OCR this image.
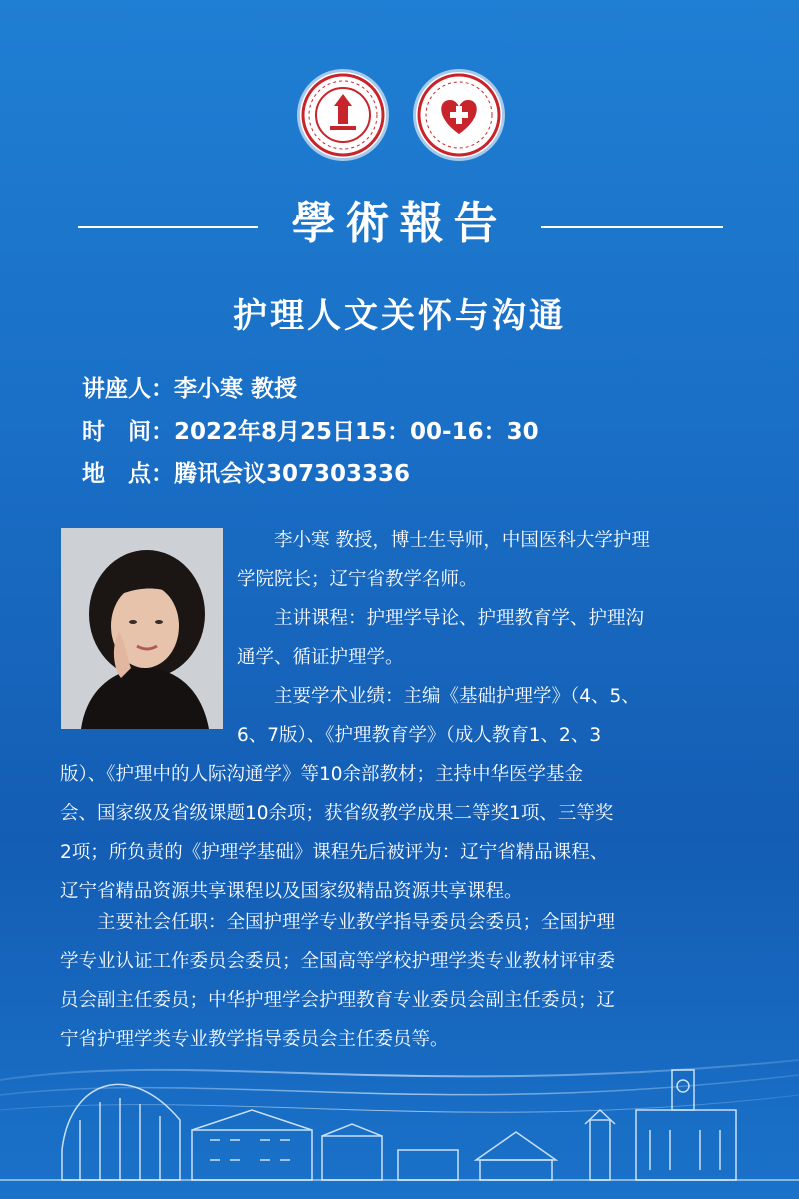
學術報告
护理人文关怀与沟通
讲座人：李小寒 教授
时　间：2022年8月25日15：00-16：30
地　点：腾讯会议307303336
李小寒 教授，博士生导师，中国医科大学护理
学院院长；辽宁省教学名师。
主讲课程：护理学导论、护理教育学、护理沟
通学、循证护理学。
主要学术业绩：主编《基础护理学》（4、5、
6、7版）、《护理教育学》（成人教育1、2、3
版）、《护理中的人际沟通学》等10余部教材；主持中华医学基金
会、国家级及省级课题10余项；获省级教学成果二等奖1项、三等奖
2项；所负责的《护理学基础》课程先后被评为：辽宁省精品课程、
辽宁省精品资源共享课程以及国家级精品资源共享课程。
主要社会任职：全国护理学专业教学指导委员会委员；全国护理
学专业认证工作委员会委员；全国高等学校护理学类专业教材评审委
员会副主任委员；中华护理学会护理教育专业委员会副主任委员；辽
宁省护理学类专业教学指导委员会主任委员等。
